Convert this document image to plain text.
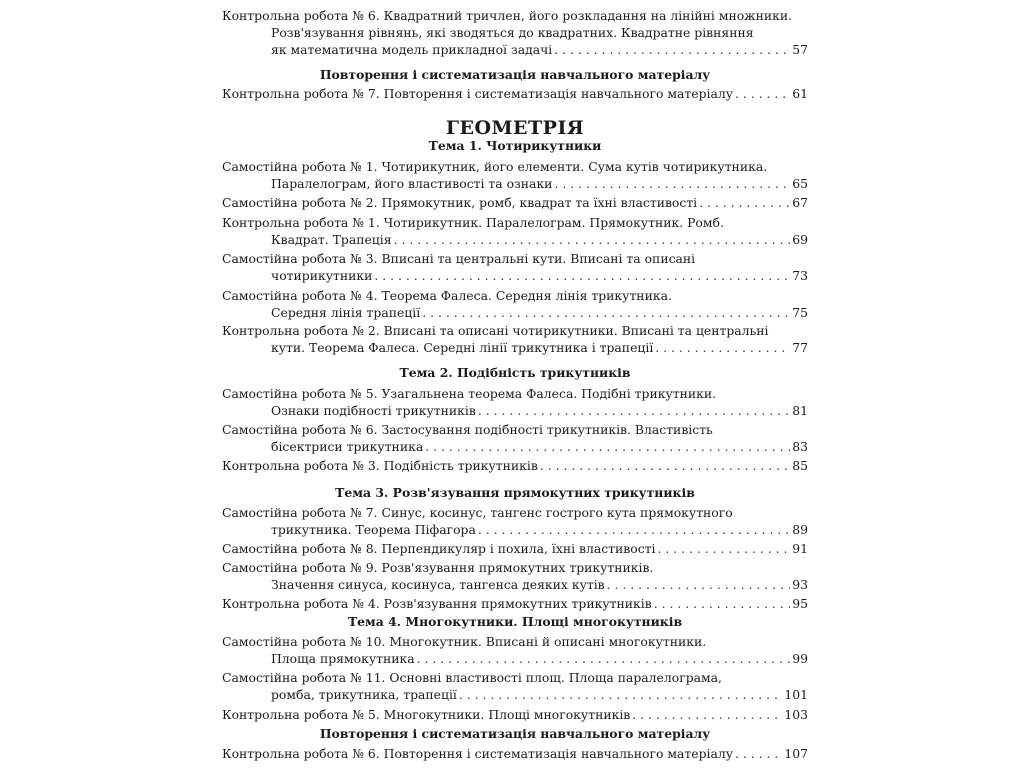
Контрольна робота № 6. Квадратний тричлен, його розкладання на лінійні множники.
Розв'язування рівнянь, які зводяться до квадратних. Квадратне рівняння
як математична модель прикладної задачі . . .	57
Повторення і систематизація навчального матеріалу
Контрольна робота № 7. Повторення і систематизація навчального матеріалу . . .	61
ГЕОМЕТРІЯ
Тема 1. Чотирикутники
Самостійна робота № 1. Чотирикутник, його елементи. Сума кутів чотирикутника.
Паралелограм, його властивості та ознаки . . .	65
Самостійна робота № 2. Прямокутник, ромб, квадрат та їхні властивості . . .	67
Контрольна робота № 1. Чотирикутник. Паралелограм. Прямокутник. Ромб.
Квадрат. Трапеція . . .	69
Самостійна робота № 3. Вписані та центральні кути. Вписані та описані
чотирикутники . . .	73
Самостійна робота № 4. Теорема Фалеса. Середня лінія трикутника.
Середня лінія трапеції . . .	75
Контрольна робота № 2. Вписані та описані чотирикутники. Вписані та центральні
кути. Теорема Фалеса. Середні лінії трикутника і трапеції . . .	77
Тема 2. Подібність трикутників
Самостійна робота № 5. Узагальнена теорема Фалеса. Подібні трикутники.
Ознаки подібності трикутників . . .	81
Самостійна робота № 6. Застосування подібності трикутників. Властивість
бісектриси трикутника . . .	83
Контрольна робота № 3. Подібність трикутників . . .	85
Тема 3. Розв'язування прямокутних трикутників
Самостійна робота № 7. Синус, косинус, тангенс гострого кута прямокутного
трикутника. Теорема Піфагора . . .	89
Самостійна робота № 8. Перпендикуляр і похила, їхні властивості . . .	91
Самостійна робота № 9. Розв'язування прямокутних трикутників.
Значення синуса, косинуса, тангенса деяких кутів . . .	93
Контрольна робота № 4. Розв'язування прямокутних трикутників . . .	95
Тема 4. Многокутники. Площі многокутників
Самостійна робота № 10. Многокутник. Вписані й описані многокутники.
Площа прямокутника . . .	99
Самостійна робота № 11. Основні властивості площ. Площа паралелограма,
ромба, трикутника, трапеції . . .	101
Контрольна робота № 5. Многокутники. Площі многокутників . . .	103
Повторення і систематизація навчального матеріалу
Контрольна робота № 6. Повторення і систематизація навчального матеріалу . . .	107
